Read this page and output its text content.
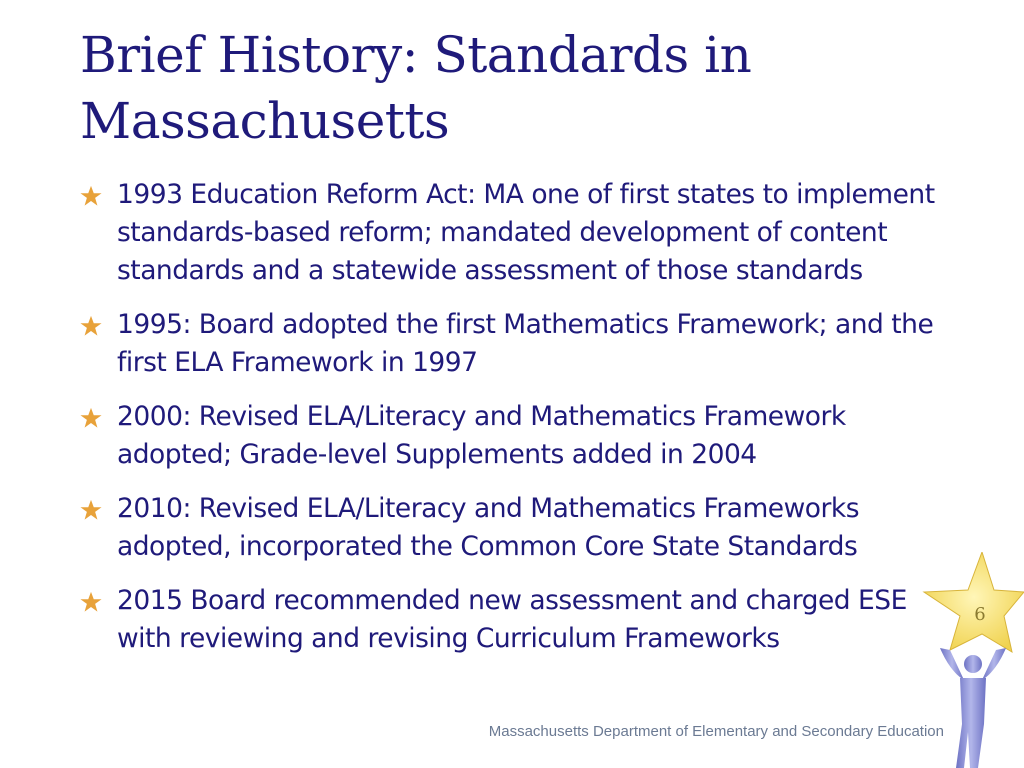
Brief History: Standards in Massachusetts
1993 Education Reform Act: MA one of first states to implement standards-based reform; mandated development of content standards and a statewide assessment of those standards
1995: Board adopted the first Mathematics Framework; and the first ELA Framework in 1997
2000: Revised ELA/Literacy and Mathematics Framework adopted; Grade-level Supplements added in 2004
2010: Revised ELA/Literacy and Mathematics Frameworks adopted, incorporated the Common Core State Standards
2015 Board recommended new assessment and charged ESE with reviewing and revising Curriculum Frameworks
6
Massachusetts Department of Elementary and Secondary Education
